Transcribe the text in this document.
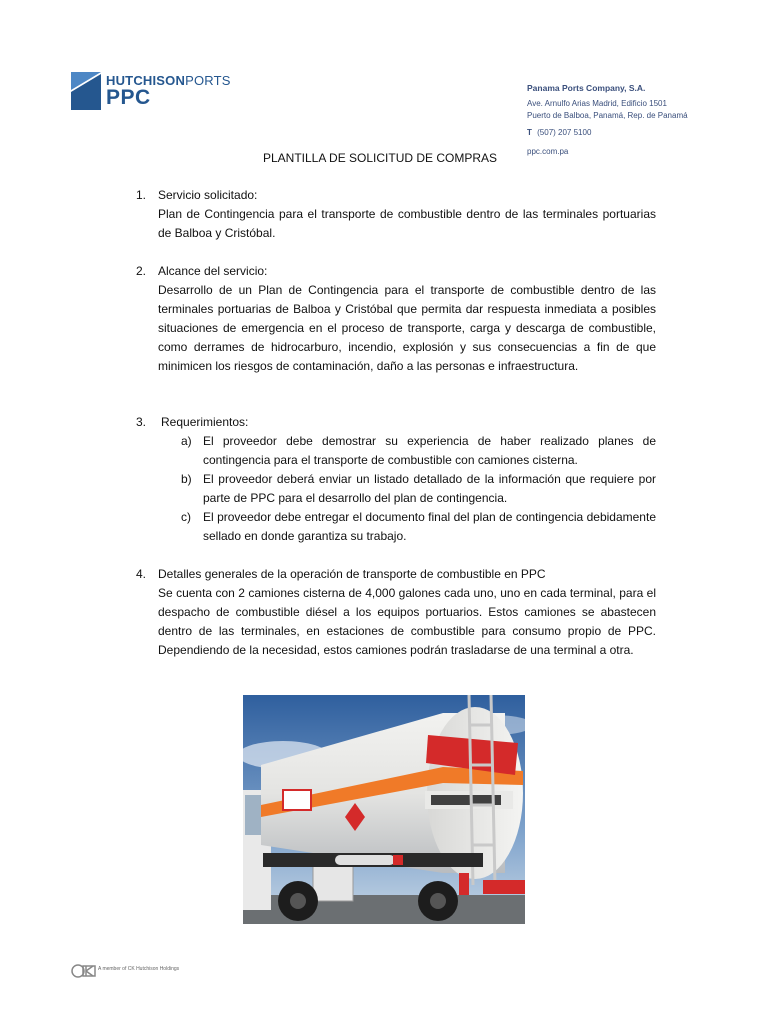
HUTCHISONPORTS
PPC	Panama Ports Company, S.A.
Ave. Arnulfo Arias Madrid, Edificio 1501
Puerto de Balboa, Panamá, Rep. de Panamá
T (507) 207 5100
ppc.com.pa
PLANTILLA DE SOLICITUD DE COMPRAS
1. Servicio solicitado:
Plan de Contingencia para el transporte de combustible dentro de las terminales portuarias de Balboa y Cristóbal.
2. Alcance del servicio:
Desarrollo de un Plan de Contingencia para el transporte de combustible dentro de las terminales portuarias de Balboa y Cristóbal que permita dar respuesta inmediata a posibles situaciones de emergencia en el proceso de transporte, carga y descarga de combustible, como derrames de hidrocarburo, incendio, explosión y sus consecuencias a fin de que minimicen los riesgos de contaminación, daño a las personas e infraestructura.
3. Requerimientos:
a) El proveedor debe demostrar su experiencia de haber realizado planes de contingencia para el transporte de combustible con camiones cisterna.
b) El proveedor deberá enviar un listado detallado de la información que requiere por parte de PPC para el desarrollo del plan de contingencia.
c) El proveedor debe entregar el documento final del plan de contingencia debidamente sellado en donde garantiza su trabajo.
4. Detalles generales de la operación de transporte de combustible en PPC
Se cuenta con 2 camiones cisterna de 4,000 galones cada uno, uno en cada terminal, para el despacho de combustible diésel a los equipos portuarios. Estos camiones se abastecen dentro de las terminales, en estaciones de combustible para consumo propio de PPC. Dependiendo de la necesidad, estos camiones podrán trasladarse de una terminal a otra.
A member of CK Hutchison Holdings
